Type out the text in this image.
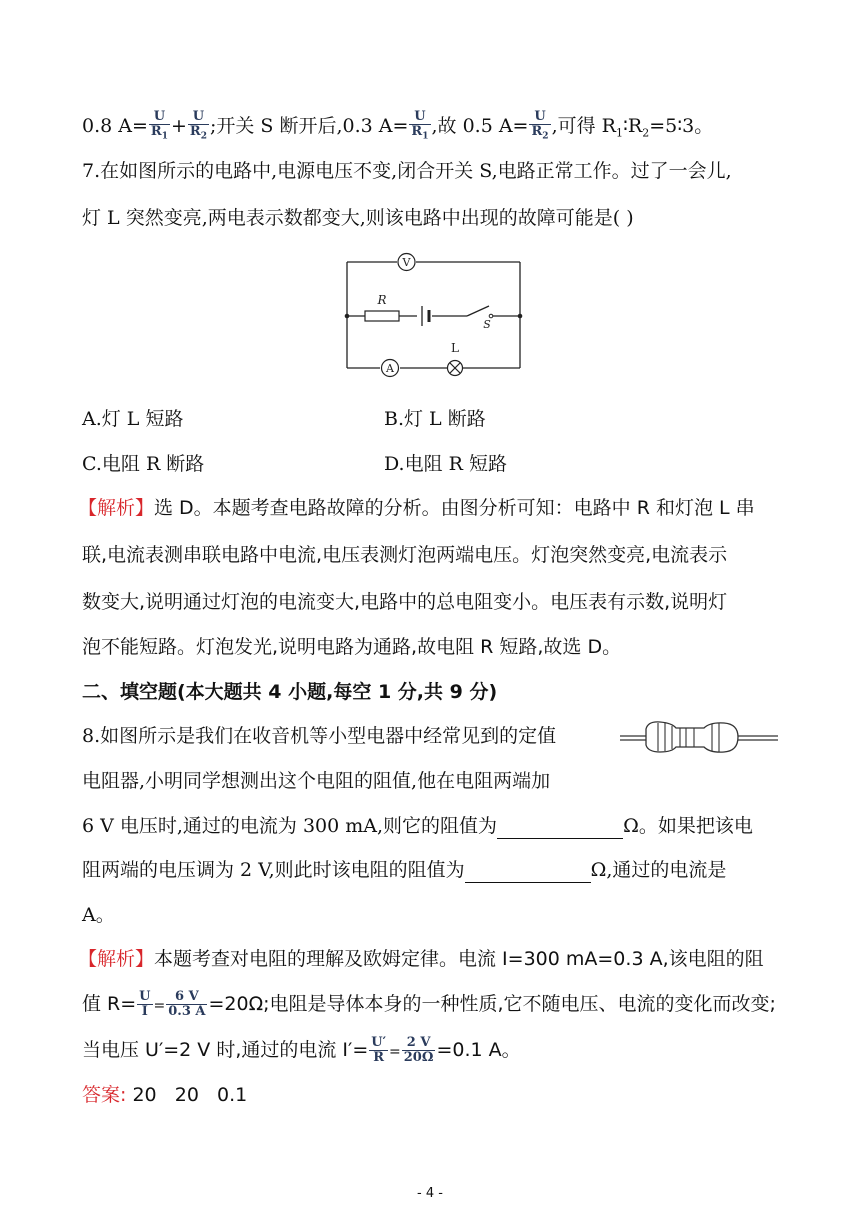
0.8 $A= \frac{U}{R_1} + \frac{U}{R_2}$ ;开关 S 断开后,0.3 $A= \frac{U}{R_1}$ ,故 0.5 $A= \frac{U}{R_2}$ ,可得 $R_1∶R_2=5∶3$。
7.在如图所示的电路中,电源电压不变,闭合开关 S,电路正常工作。过了一会儿,
灯 L 突然变亮,两电表示数都变大,则该电路中出现的故障可能是( )
V
R
S
A
L
A.灯 L 短路	B.灯 L 断路
C.电阻 R 断路	D.电阻 R 短路
【解析】选 D。本题考查电路故障的分析。由图分析可知：电路中 R 和灯泡 L 串
联,电流表测串联电路中电流,电压表测灯泡两端电压。灯泡突然变亮,电流表示
数变大,说明通过灯泡的电流变大,电路中的总电阻变小。电压表有示数,说明灯
泡不能短路。灯泡发光,说明电路为通路,故电阻 R 短路,故选 D。
二、填空题(本大题共 4 小题,每空 1 分,共 9 分)
8.如图所示是我们在收音机等小型电器中经常见到的定值
电阻器,小明同学想测出这个电阻的阻值,他在电阻两端加
6 V 电压时,通过的电流为 300 mA,则它的阻值为	Ω。如果把该电
阻两端的电压调为 2 V,则此时该电阻的阻值为	Ω,通过的电流是
A。
【解析】本题考查对电阻的理解及欧姆定律。电流 I=300 mA=0.3 A,该电阻的阻
值 $R= \frac{U}{I} = \frac{6 V}{0.3 A} =20\Omega$;电阻是导体本身的一种性质,它不随电压、电流的变化而改变;
当电压 U′=2 V 时,通过的电流 $I'= \frac{U'}{R} = \frac{2 V}{20\Omega} =0.1$ A。
答案: 20   20   0.1
- 4 -
